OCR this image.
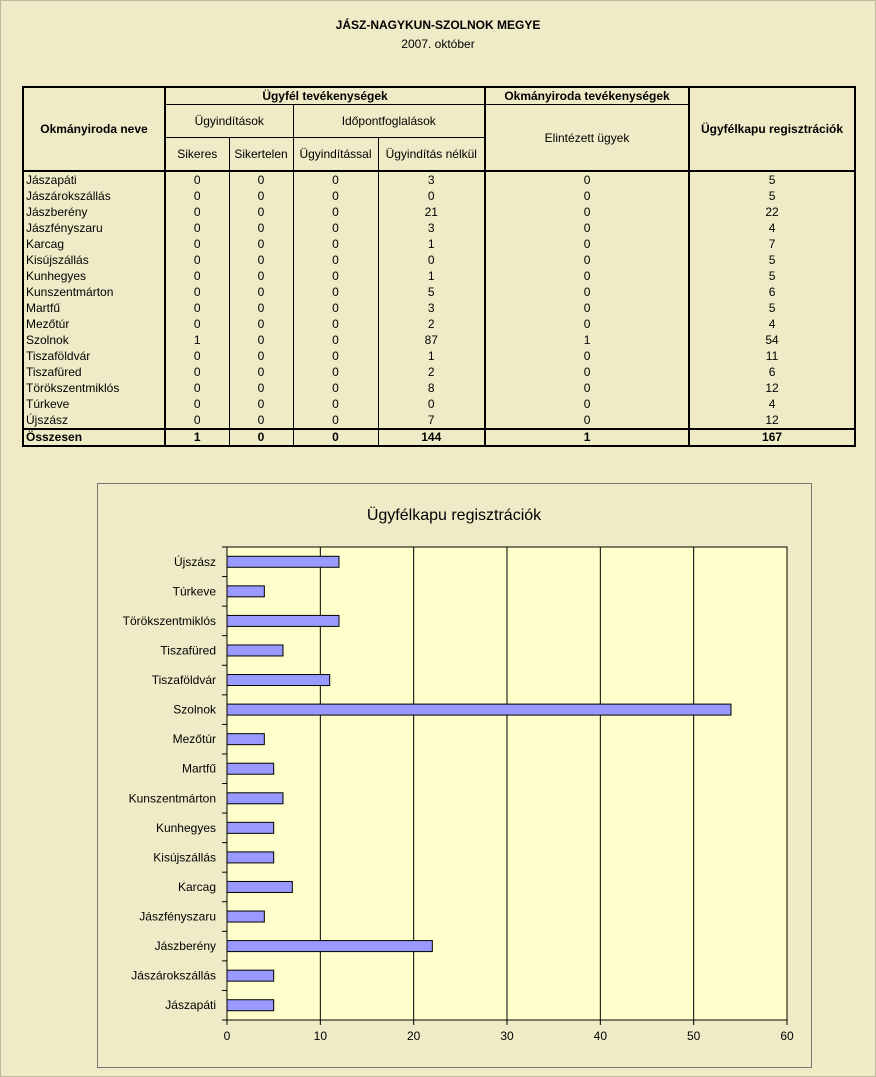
JÁSZ-NAGYKUN-SZOLNOK MEGYE
2007. október
Okmányiroda neve	Ügyfél tevékenységek				Okmányiroda tevékenységek	Ügyfélkapu regisztrációk
	Ügyindítások		Időpontfoglalások		Elintézett ügyek	
	Sikeres	Sikertelen	Ügyindítással	Ügyindítás nélkül		
Jászapáti	0	0	0	3	0	5
Jászárokszállás	0	0	0	0	0	5
Jászberény	0	0	0	21	0	22
Jászfényszaru	0	0	0	3	0	4
Karcag	0	0	0	1	0	7
Kisújszállás	0	0	0	0	0	5
Kunhegyes	0	0	0	1	0	5
Kunszentmárton	0	0	0	5	0	6
Martfű	0	0	0	3	0	5
Mezőtúr	0	0	0	2	0	4
Szolnok	1	0	0	87	1	54
Tiszaföldvár	0	0	0	1	0	11
Tiszafüred	0	0	0	2	0	6
Törökszentmiklós	0	0	0	8	0	12
Túrkeve	0	0	0	0	0	4
Újszász	0	0	0	7	0	12
Összesen	1	0	0	144	1	167
Ügyfélkapu regisztrációk
0	10	20	30	40	50	60
Jászapáti
Jászárokszállás
Jászberény
Jászfényszaru
Karcag
Kisújszállás
Kunhegyes
Kunszentmárton
Martfű
Mezőtúr
Szolnok
Tiszaföldvár
Tiszafüred
Törökszentmiklós
Túrkeve
Újszász
